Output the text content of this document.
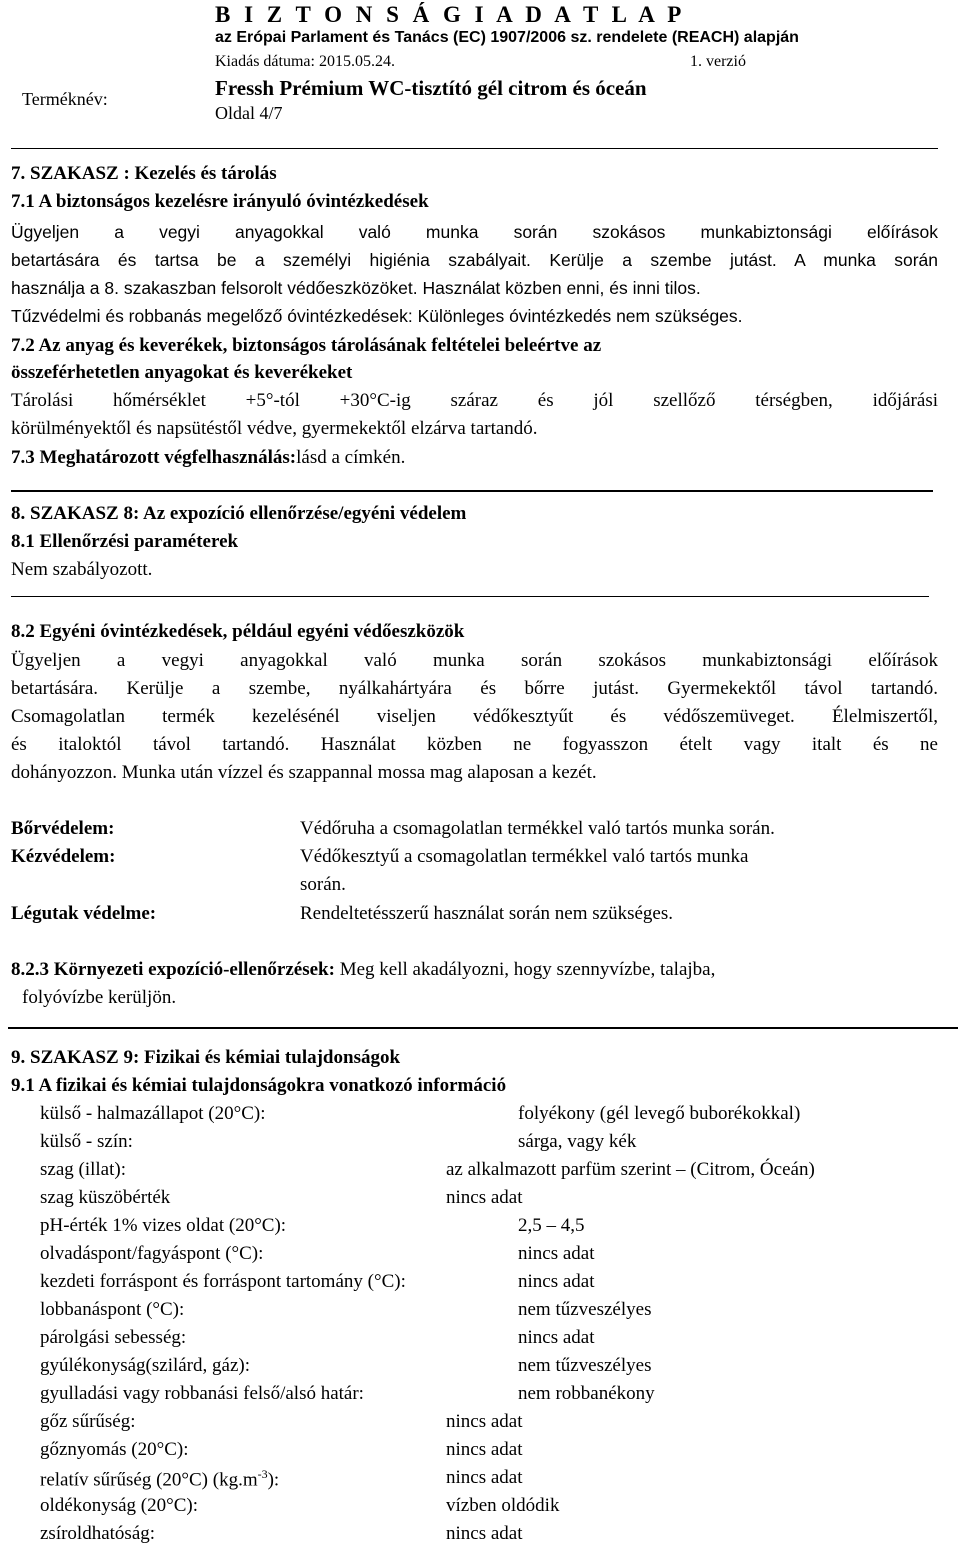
B I Z T O N S Á G I A D A T L A P
az Erópai Parlament és Tanács (EC) 1907/2006 sz. rendelete (REACH) alapján
Kiadás dátuma: 2015.05.24.	1. verzió
Terméknév:	Fressh Prémium WC-tisztító gél citrom és óceán
Oldal 4/7
7. SZAKASZ : Kezelés és tárolás
7.1 A biztonságos kezelésre irányuló óvintézkedések
Ügyeljen a vegyi anyagokkal való munka során szokásos munkabiztonsági előírások
betartására és tartsa be a személyi higiénia szabályait. Kerülje a szembe jutást. A munka során
használja a 8. szakaszban felsorolt védőeszközöket. Használat közben enni, és inni tilos.
Tűzvédelmi és robbanás megelőző óvintézkedések: Különleges óvintézkedés nem szükséges.
7.2 Az anyag és keverékek, biztonságos tárolásának feltételei beleértve az
összeférhetetlen anyagokat és keverékeket
Tárolási hőmérséklet +5°-tól +30°C-ig száraz és jól szellőző térségben, időjárási
körülményektől és napsütéstől védve, gyermekektől elzárva tartandó.
7.3 Meghatározott végfelhasználás:lásd a címkén.
8. SZAKASZ 8: Az expozíció ellenőrzése/egyéni védelem
8.1 Ellenőrzési paraméterek
Nem szabályozott.
8.2 Egyéni óvintézkedések, például egyéni védőeszközök
Ügyeljen a vegyi anyagokkal való munka során szokásos munkabiztonsági előírások
betartására. Kerülje a szembe, nyálkahártyára és bőrre jutást. Gyermekektől távol tartandó.
Csomagolatlan termék kezelésénél viseljen védőkesztyűt és védőszemüveget. Élelmiszertől,
és italoktól távol tartandó. Használat közben ne fogyasszon ételt vagy italt és ne
dohányozzon. Munka után vízzel és szappannal mossa mag alaposan a kezét.
Bőrvédelem:	Védőruha a csomagolatlan termékkel való tartós munka során.
Kézvédelem:	Védőkesztyű a csomagolatlan termékkel való tartós munka
során.
Légutak védelme:	Rendeltetésszerű használat során nem szükséges.
8.2.3 Környezeti expozíció-ellenőrzések: Meg kell akadályozni, hogy szennyvízbe, talajba,
folyóvízbe kerüljön.
9. SZAKASZ 9: Fizikai és kémiai tulajdonságok
9.1 A fizikai és kémiai tulajdonságokra vonatkozó információ
külső - halmazállapot (20°C):	folyékony (gél levegő buborékokkal)
külső - szín:	sárga, vagy kék
szag (illat):	az alkalmazott parfüm szerint – (Citrom, Óceán)
szag küszöbérték	nincs adat
pH-érték 1% vizes oldat (20°C):	2,5 – 4,5
olvadáspont/fagyáspont (°C):	nincs adat
kezdeti forráspont és forráspont tartomány (°C):	nincs adat
lobbanáspont (°C):	nem tűzveszélyes
párolgási sebesség:	nincs adat
gyúlékonyság(szilárd, gáz):	nem tűzveszélyes
gyulladási vagy robbanási felső/alsó határ:	nem robbanékony
gőz sűrűség:	nincs adat
gőznyomás (20°C):	nincs adat
relatív sűrűség (20°C) $(kg.m^{-3})$:	nincs adat
oldékonyság (20°C):	vízben oldódik
zsíroldhatóság:	nincs adat
